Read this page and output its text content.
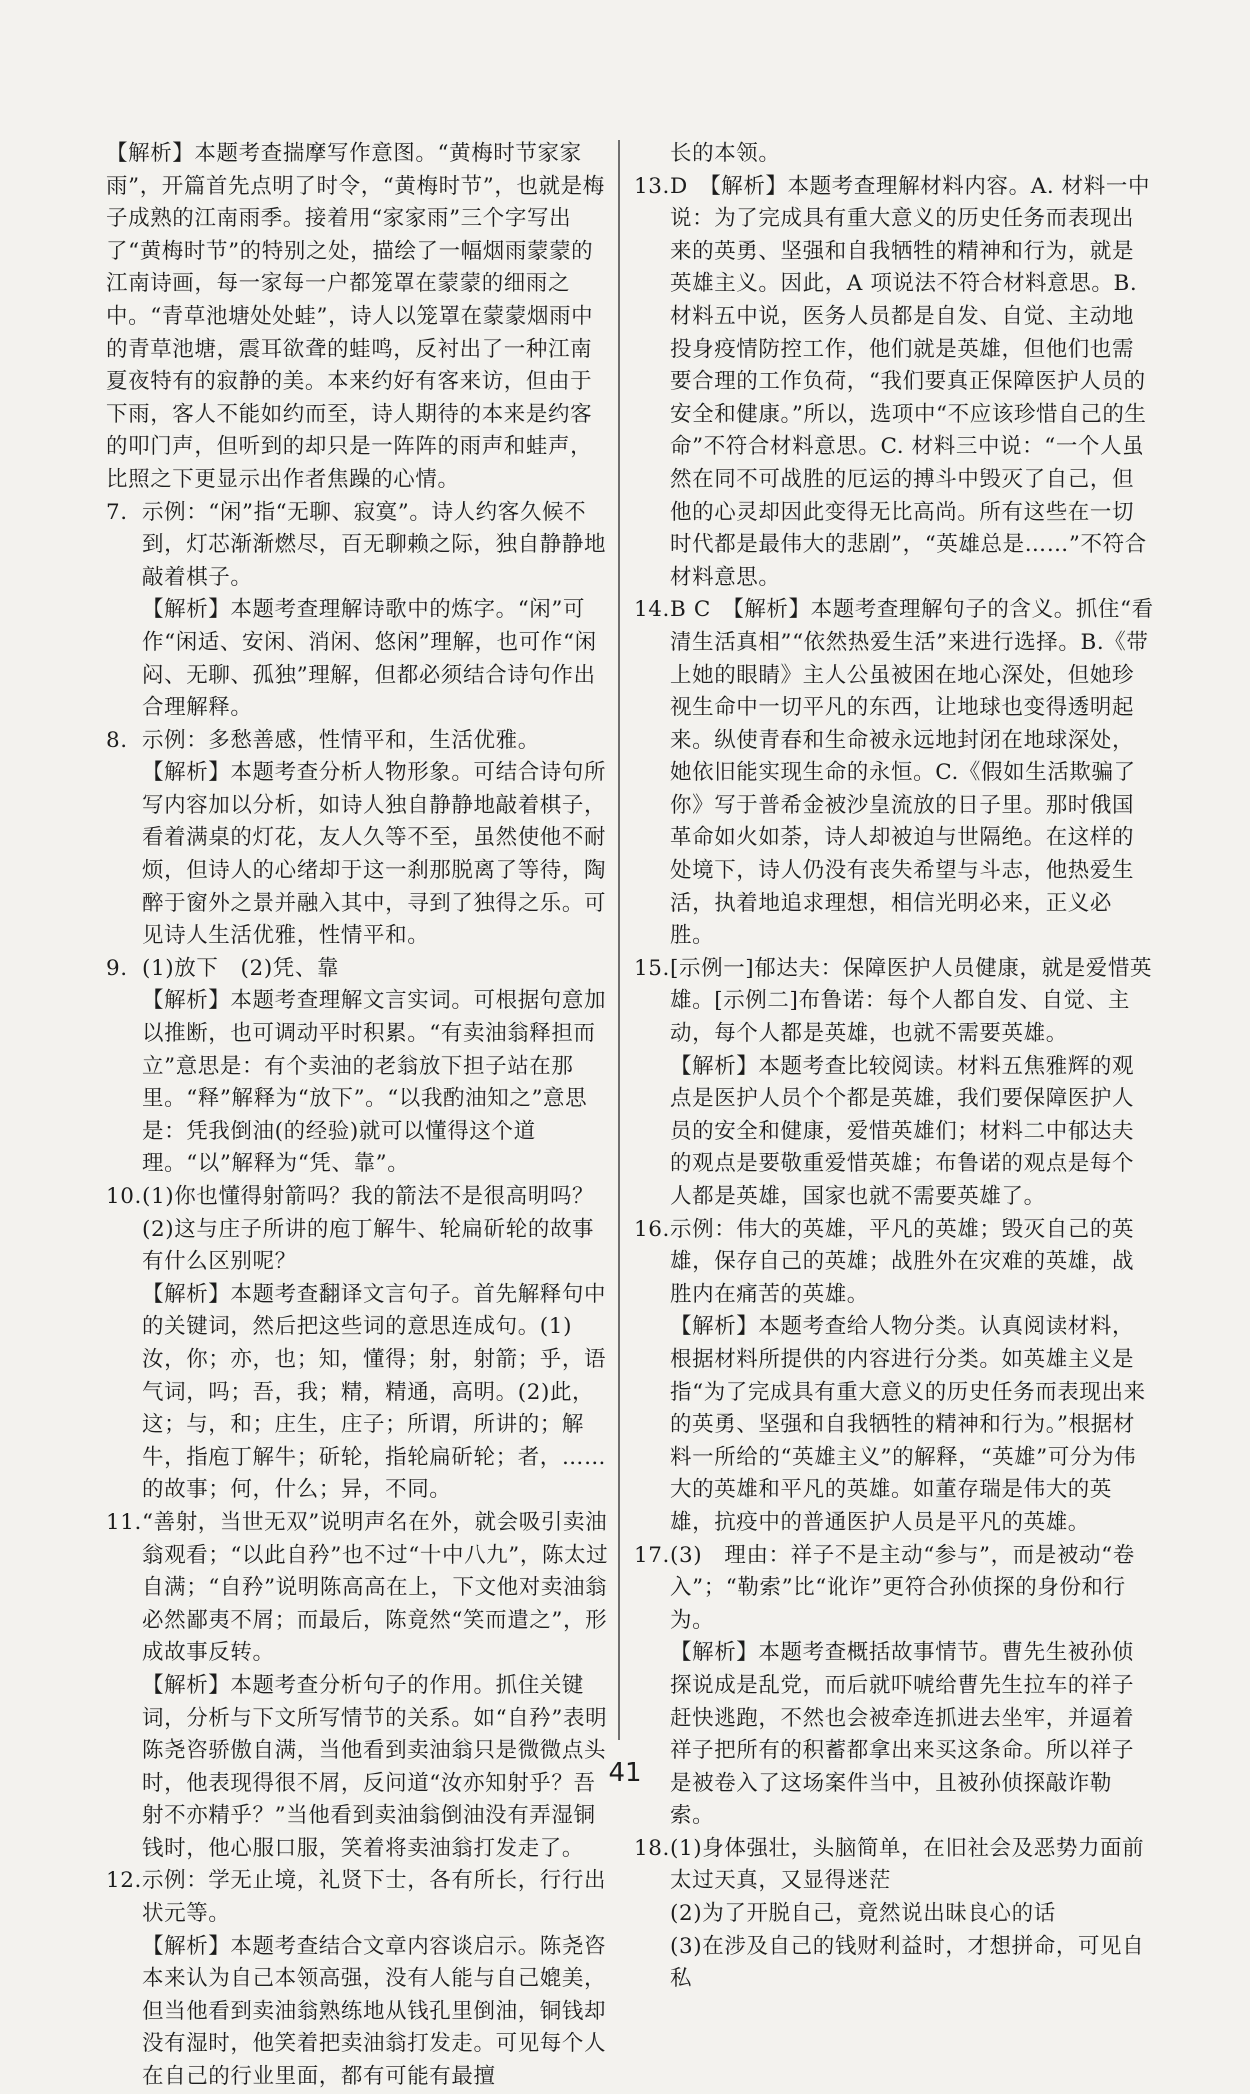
【解析】本题考查揣摩写作意图。“黄梅时节家家雨”，开篇首先点明了时令，“黄梅时节”，也就是梅子成熟的江南雨季。接着用“家家雨”三个字写出了“黄梅时节”的特别之处，描绘了一幅烟雨蒙蒙的江南诗画，每一家每一户都笼罩在蒙蒙的细雨之中。“青草池塘处处蛙”，诗人以笼罩在蒙蒙烟雨中的青草池塘，震耳欲聋的蛙鸣，反衬出了一种江南夏夜特有的寂静的美。本来约好有客来访，但由于下雨，客人不能如约而至，诗人期待的本来是约客的叩门声，但听到的却只是一阵阵的雨声和蛙声，比照之下更显示出作者焦躁的心情。

7. 示例：“闲”指“无聊、寂寞”。诗人约客久候不到，灯芯渐渐燃尽，百无聊赖之际，独自静静地敲着棋子。

【解析】本题考查理解诗歌中的炼字。“闲”可作“闲适、安闲、消闲、悠闲”理解，也可作“闲闷、无聊、孤独”理解，但都必须结合诗句作出合理解释。

8. 示例：多愁善感，性情平和，生活优雅。

【解析】本题考查分析人物形象。可结合诗句所写内容加以分析，如诗人独自静静地敲着棋子，看着满桌的灯花，友人久等不至，虽然使他不耐烦，但诗人的心绪却于这一刹那脱离了等待，陶醉于窗外之景并融入其中，寻到了独得之乐。可见诗人生活优雅，性情平和。

9. (1)放下　(2)凭、靠

【解析】本题考查理解文言实词。可根据句意加以推断，也可调动平时积累。“有卖油翁释担而立”意思是：有个卖油的老翁放下担子站在那里。“释”解释为“放下”。“以我酌油知之”意思是：凭我倒油(的经验)就可以懂得这个道理。“以”解释为“凭、靠”。

10. (1)你也懂得射箭吗？我的箭法不是很高明吗？

(2)这与庄子所讲的庖丁解牛、轮扁斫轮的故事有什么区别呢？

【解析】本题考查翻译文言句子。首先解释句中的关键词，然后把这些词的意思连成句。(1)汝，你；亦，也；知，懂得；射，射箭；乎，语气词，吗；吾，我；精，精通，高明。(2)此，这；与，和；庄生，庄子；所谓，所讲的；解牛，指庖丁解牛；斫轮，指轮扁斫轮；者，……的故事；何，什么；异，不同。

11. “善射，当世无双”说明声名在外，就会吸引卖油翁观看；“以此自矜”也不过“十中八九”，陈太过自满；“自矜”说明陈高高在上，下文他对卖油翁必然鄙夷不屑；而最后，陈竟然“笑而遣之”，形成故事反转。

【解析】本题考查分析句子的作用。抓住关键词，分析与下文所写情节的关系。如“自矜”表明陈尧咨骄傲自满，当他看到卖油翁只是微微点头时，他表现得很不屑，反问道“汝亦知射乎？吾射不亦精乎？”当他看到卖油翁倒油没有弄湿铜钱时，他心服口服，笑着将卖油翁打发走了。

12. 示例：学无止境，礼贤下士，各有所长，行行出状元等。

【解析】本题考查结合文章内容谈启示。陈尧咨本来认为自己本领高强，没有人能与自己媲美，但当他看到卖油翁熟练地从钱孔里倒油，铜钱却没有湿时，他笑着把卖油翁打发走。可见每个人在自己的行业里面，都有可能有最擅

长的本领。

13. D　【解析】本题考查理解材料内容。A. 材料一中说：为了完成具有重大意义的历史任务而表现出来的英勇、坚强和自我牺牲的精神和行为，就是英雄主义。因此，A 项说法不符合材料意思。B. 材料五中说，医务人员都是自发、自觉、主动地投身疫情防控工作，他们就是英雄，但他们也需要合理的工作负荷，“我们要真正保障医护人员的安全和健康。”所以，选项中“不应该珍惜自己的生命”不符合材料意思。C. 材料三中说：“一个人虽然在同不可战胜的厄运的搏斗中毁灭了自己，但他的心灵却因此变得无比高尚。所有这些在一切时代都是最伟大的悲剧”，“英雄总是……”不符合材料意思。

14. B C　【解析】本题考查理解句子的含义。抓住“看清生活真相”“依然热爱生活”来进行选择。B.《带上她的眼睛》主人公虽被困在地心深处，但她珍视生命中一切平凡的东西，让地球也变得透明起来。纵使青春和生命被永远地封闭在地球深处，她依旧能实现生命的永恒。C.《假如生活欺骗了你》写于普希金被沙皇流放的日子里。那时俄国革命如火如荼，诗人却被迫与世隔绝。在这样的处境下，诗人仍没有丧失希望与斗志，他热爱生活，执着地追求理想，相信光明必来，正义必胜。

15. [示例一]郁达夫：保障医护人员健康，就是爱惜英雄。[示例二]布鲁诺：每个人都自发、自觉、主动，每个人都是英雄，也就不需要英雄。

【解析】本题考查比较阅读。材料五焦雅辉的观点是医护人员个个都是英雄，我们要保障医护人员的安全和健康，爱惜英雄们；材料二中郁达夫的观点是要敬重爱惜英雄；布鲁诺的观点是每个人都是英雄，国家也就不需要英雄了。

16. 示例：伟大的英雄，平凡的英雄；毁灭自己的英雄，保存自己的英雄；战胜外在灾难的英雄，战胜内在痛苦的英雄。

【解析】本题考查给人物分类。认真阅读材料，根据材料所提供的内容进行分类。如英雄主义是指“为了完成具有重大意义的历史任务而表现出来的英勇、坚强和自我牺牲的精神和行为。”根据材料一所给的“英雄主义”的解释，“英雄”可分为伟大的英雄和平凡的英雄。如董存瑞是伟大的英雄，抗疫中的普通医护人员是平凡的英雄。

17. (3)　理由：祥子不是主动“参与”，而是被动“卷入”；“勒索”比“讹诈”更符合孙侦探的身份和行为。

【解析】本题考查概括故事情节。曹先生被孙侦探说成是乱党，而后就吓唬给曹先生拉车的祥子赶快逃跑，不然也会被牵连抓进去坐牢，并逼着祥子把所有的积蓄都拿出来买这条命。所以祥子是被卷入了这场案件当中，且被孙侦探敲诈勒索。

18. (1)身体强壮，头脑简单，在旧社会及恶势力面前太过天真，又显得迷茫

(2)为了开脱自己，竟然说出昧良心的话

(3)在涉及自己的钱财利益时，才想拼命，可见自私

41
